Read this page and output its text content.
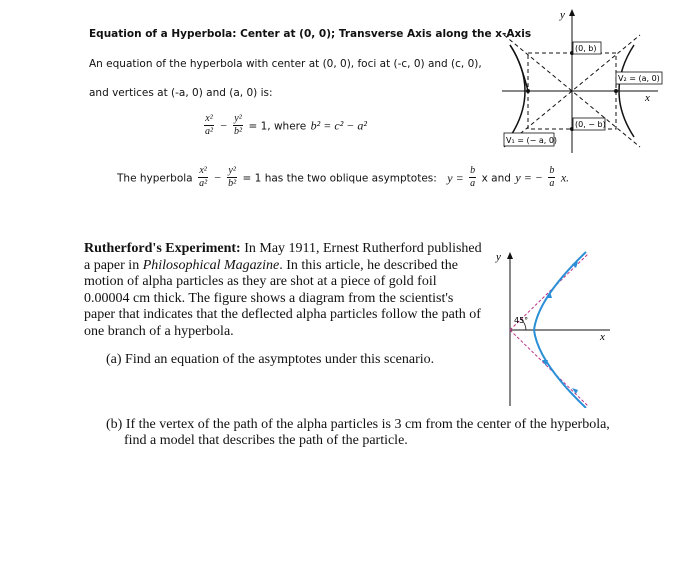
Equation of a Hyperbola: Center at (0, 0); Transverse Axis along the x-Axis
An equation of the hyperbola with center at (0, 0), foci at (-c, 0) and (c, 0),
and vertices at (-a, 0) and (a, 0) is:
$\frac{\text{x²}}{\text{a²}} - \frac{\text{y²}}{\text{b²}} = 1$, where b² = c² − a²
The hyperbola $\frac{\text{x²}}{\text{a²}} - \frac{\text{y²}}{\text{b²}} = 1$ has the two oblique asymptotes: $y = \frac{b}{a}$ x and y = − $\frac{b}{a} x$.
y
x
(0, b)
(0, − b)
V₂ = (a, 0)
V₁ = (− a, 0)
Rutherford's Experiment: In May 1911, Ernest Rutherford published
a paper in Philosophical Magazine. In this article, he described the
motion of alpha particles as they are shot at a piece of gold foil
0.00004 cm thick. The figure shows a diagram from the scientist's
paper that indicates that the deflected alpha particles follow the path of
one branch of a hyperbola.
(a) Find an equation of the asymptotes under this scenario.
(b) If the vertex of the path of the alpha particles is 3 cm from the center of the hyperbola,
find a model that describes the path of the particle.
y
x
45°
